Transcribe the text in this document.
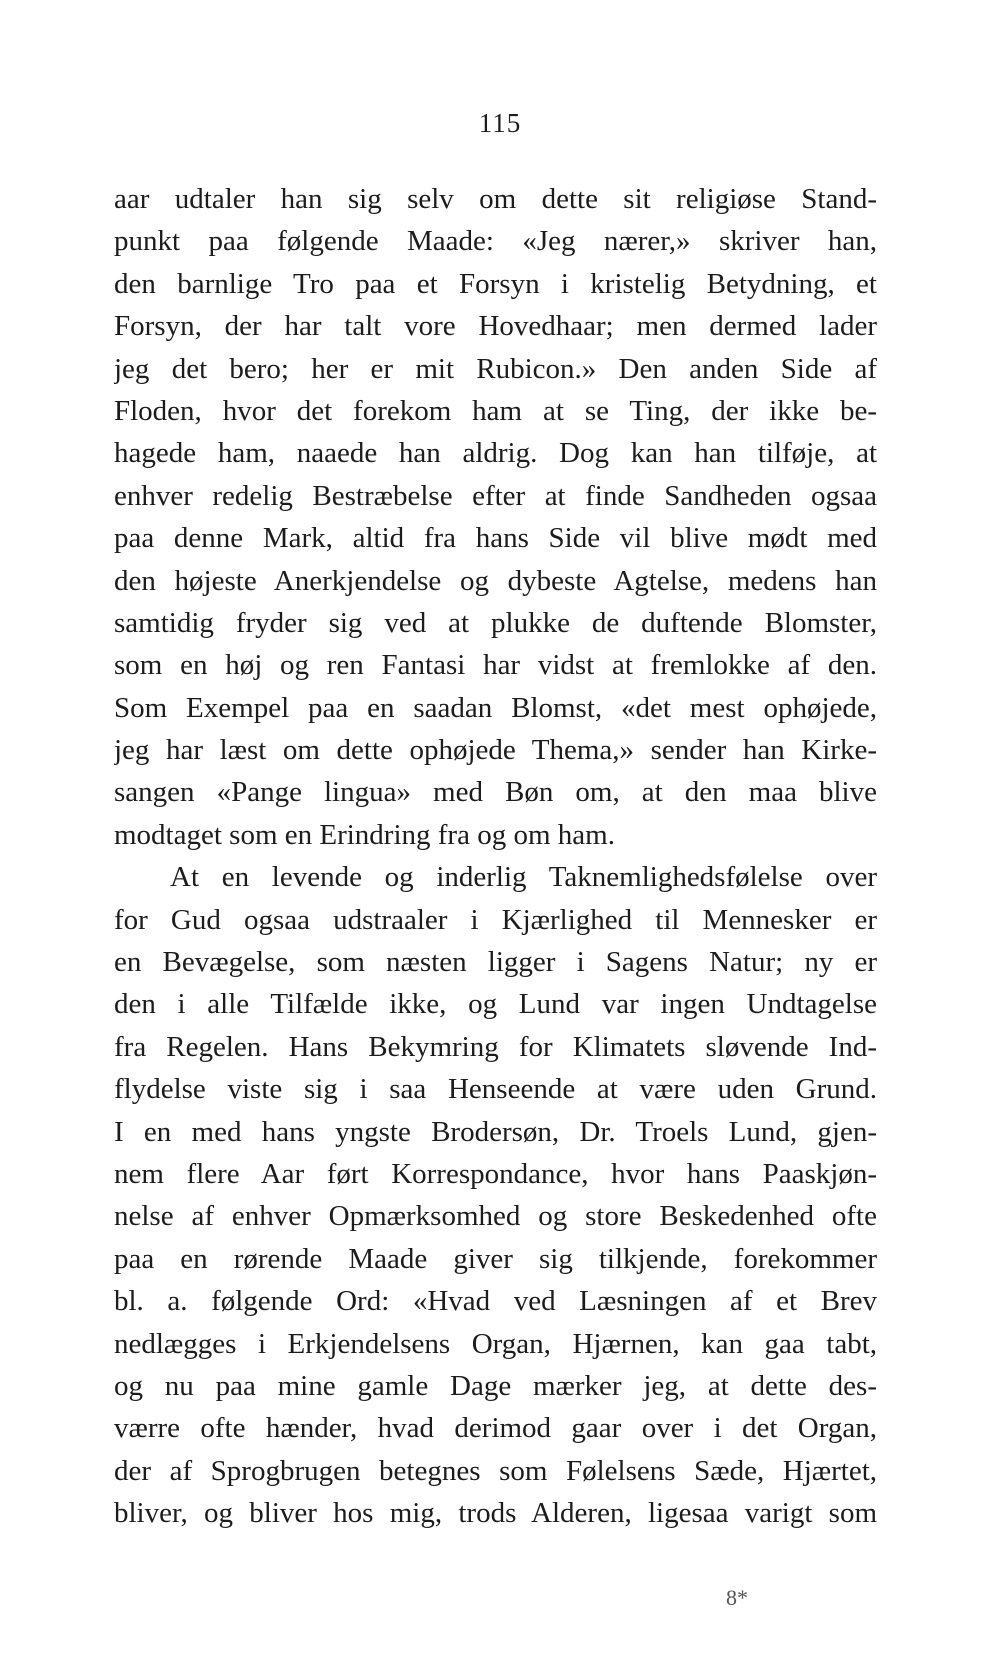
115
aar udtaler han sig selv om dette sit religiøse Stand-
punkt paa følgende Maade: «Jeg nærer,» skriver han,
den barnlige Tro paa et Forsyn i kristelig Betydning, et
Forsyn, der har talt vore Hovedhaar; men dermed lader
jeg det bero; her er mit Rubicon.» Den anden Side af
Floden, hvor det forekom ham at se Ting, der ikke be-
hagede ham, naaede han aldrig. Dog kan han tilføje, at
enhver redelig Bestræbelse efter at finde Sandheden ogsaa
paa denne Mark, altid fra hans Side vil blive mødt med
den højeste Anerkjendelse og dybeste Agtelse, medens han
samtidig fryder sig ved at plukke de duftende Blomster,
som en høj og ren Fantasi har vidst at fremlokke af den.
Som Exempel paa en saadan Blomst, «det mest ophøjede,
jeg har læst om dette ophøjede Thema,» sender han Kirke-
sangen «Pange lingua» med Bøn om, at den maa blive
modtaget som en Erindring fra og om ham.
At en levende og inderlig Taknemlighedsfølelse over
for Gud ogsaa udstraaler i Kjærlighed til Mennesker er
en Bevægelse, som næsten ligger i Sagens Natur; ny er
den i alle Tilfælde ikke, og Lund var ingen Undtagelse
fra Regelen. Hans Bekymring for Klimatets sløvende Ind-
flydelse viste sig i saa Henseende at være uden Grund.
I en med hans yngste Brodersøn, Dr. Troels Lund, gjen-
nem flere Aar ført Korrespondance, hvor hans Paaskjøn-
nelse af enhver Opmærksomhed og store Beskedenhed ofte
paa en rørende Maade giver sig tilkjende, forekommer
bl. a. følgende Ord: «Hvad ved Læsningen af et Brev
nedlægges i Erkjendelsens Organ, Hjærnen, kan gaa tabt,
og nu paa mine gamle Dage mærker jeg, at dette des-
værre ofte hænder, hvad derimod gaar over i det Organ,
der af Sprogbrugen betegnes som Følelsens Sæde, Hjærtet,
bliver, og bliver hos mig, trods Alderen, ligesaa varigt som
8*
